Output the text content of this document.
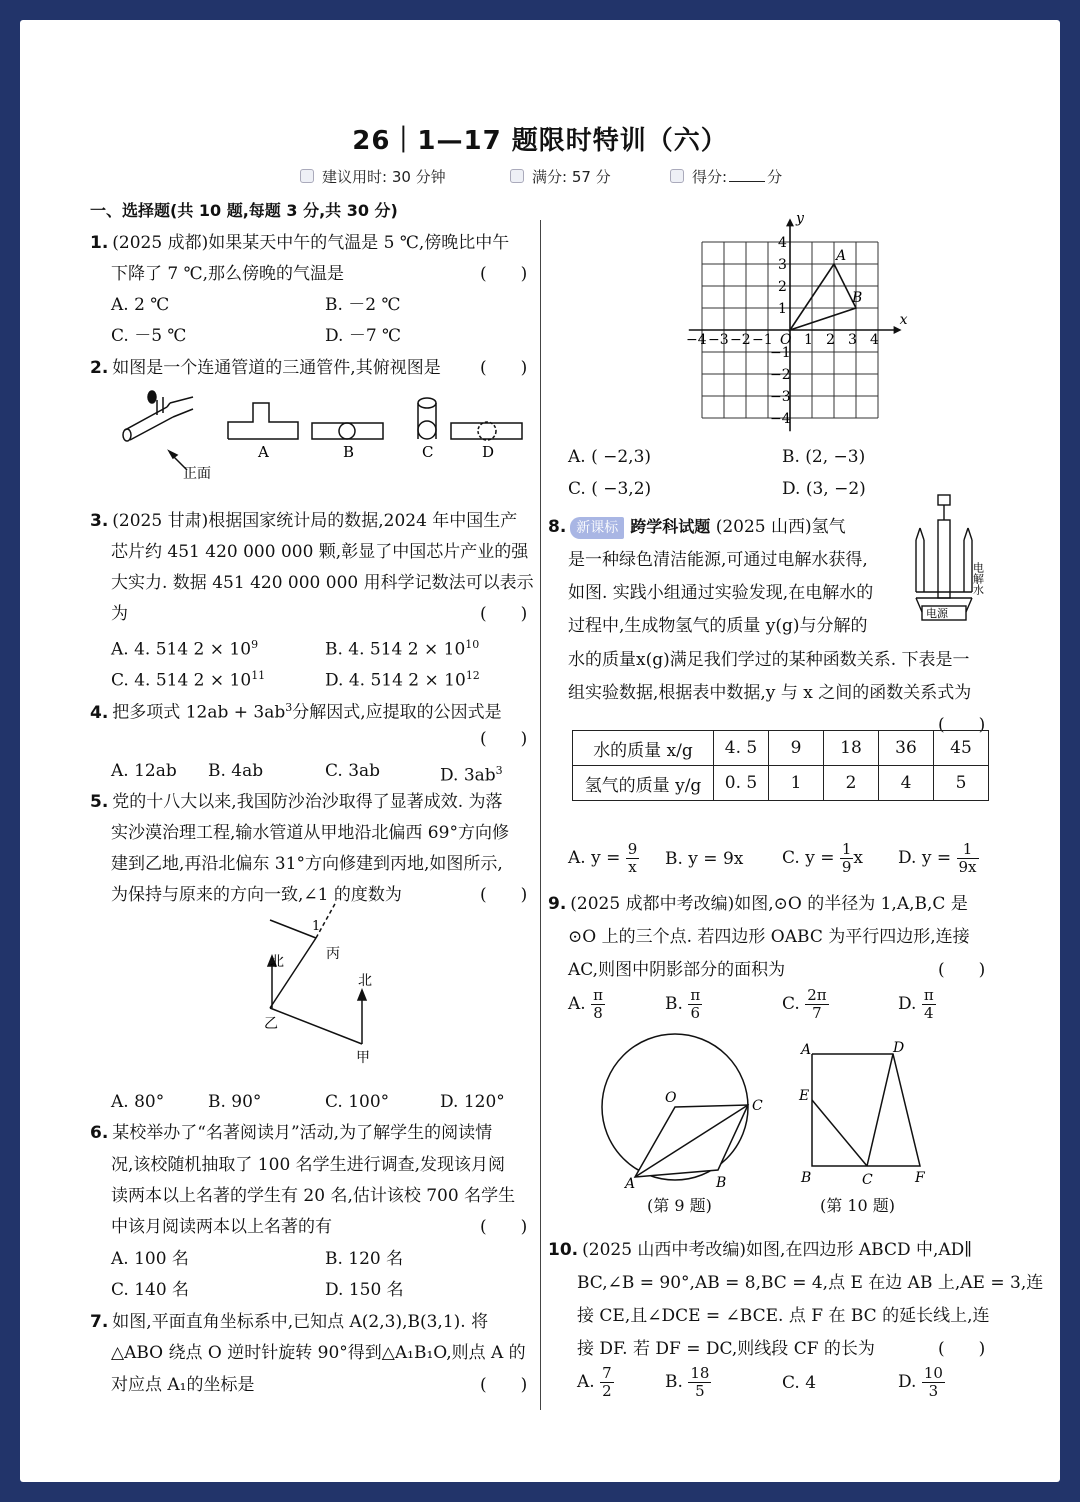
26｜1—17 题限时特训（六）
建议用时: 30 分钟	满分: 57 分	得分:	分
一、选择题(共 10 题,每题 3 分,共 30 分)
1. (2025 成都)如果某天中午的气温是 5 ℃,傍晚比中午
下降了 7 ℃,那么傍晚的气温是	(　　)
A. 2 ℃	B. －2 ℃
C. －5 ℃	D. －7 ℃
2. 如图是一个连通管道的三通管件,其俯视图是 (　　)
正面
A	B	C	D
3. (2025 甘肃)根据国家统计局的数据,2024 年中国生产
芯片约 451 420 000 000 颗,彰显了中国芯片产业的强
大实力. 数据 451 420 000 000 用科学记数法可以表示
为	(　　)
A. 4. 514 $2 \times 10^9$	B. 4. 514 $2 \times 10^{10}$
C. 4. 514 $2 \times 10^{11}$	D. 4. 514 $2 \times 10^{12}$
4. 把多项式 $12ab + 3ab^3$分解因式,应提取的公因式是
(　　)
A. 12ab B. 4ab	C. 3ab	D. $3ab^3$
5. 党的十八大以来,我国防沙治沙取得了显著成效. 为落
实沙漠治理工程,输水管道从甲地沿北偏西 69°方向修
建到乙地,再沿北偏东 31°方向修建到丙地,如图所示,
为保持与原来的方向一致,∠1 的度数为	(　　)
北
北
乙
甲
丙
1
A. 80°	B. 90°	C. 100°	D. 120°
6. 某校举办了“名著阅读月”活动,为了解学生的阅读情
况,该校随机抽取了 100 名学生进行调查,发现该月阅
读两本以上名著的学生有 20 名,估计该校 700 名学生
中该月阅读两本以上名著的有	(　　)
A. 100 名	B. 120 名
C. 140 名	D. 150 名
7. 如图,平面直角坐标系中,已知点 A(2,3),B(3,1). 将
△ABO 绕点 O 逆时针旋转 90°得到△A₁B₁O,则点 A 的
对应点 A₁的坐标是	(　　)
−4 −3 −2 −1 1 2 3 4
4
3
2
1
−1
−2
−3
−4
O
x
y
A
B
A. ( −2,3)	B. (2, −3)
C. ( −3,2)	D. (3, −2)
8. 新课标 跨学科试题 (2025 山西)氢气
是一种绿色清洁能源,可通过电解水获得,
如图. 实践小组通过实验发现,在电解水的
过程中,生成物氢气的质量 y(g)与分解的
水的质量x(g)满足我们学过的某种函数关系. 下表是一
组实验数据,根据表中数据,y 与 x 之间的函数关系式为
(　　)
电源
电解水
水的质量 x/g	4. 5	9	18	36	45
氢气的质量 y/g	0. 5	1	2	4	5
A. $y = \frac{9}{x} B$. y = 9x C. $y = \frac{1}{9}$ x D. $y = \frac{1}{9x}$
9. (2025 成都中考改编)如图,⊙O 的半径为 1,A,B,C 是
⊙O 上的三个点. 若四边形 OABC 为平行四边形,连接
AC,则图中阴影部分的面积为	(　　)
A. $\frac{\pi}{8}$	B. $\frac{\pi}{6}$	C. $\frac{2\pi}{7}$	D. $\frac{\pi}{4}$
O
A	B
C
(第 9 题)
A	D
E
B	C	F
(第 10 题)
10. (2025 山西中考改编)如图,在四边形 ABCD 中,AD∥
BC,∠B = 90°,AB = 8,BC = 4,点 E 在边 AB 上,AE = 3,连
接 CE,且∠DCE = ∠BCE. 点 F 在 BC 的延长线上,连
接 DF. 若 DF = DC,则线段 CF 的长为	(　　)
A. $\frac{7}{2}$	B. $\frac{18}{5}$	C. 4	D. $\frac{10}{3}$
